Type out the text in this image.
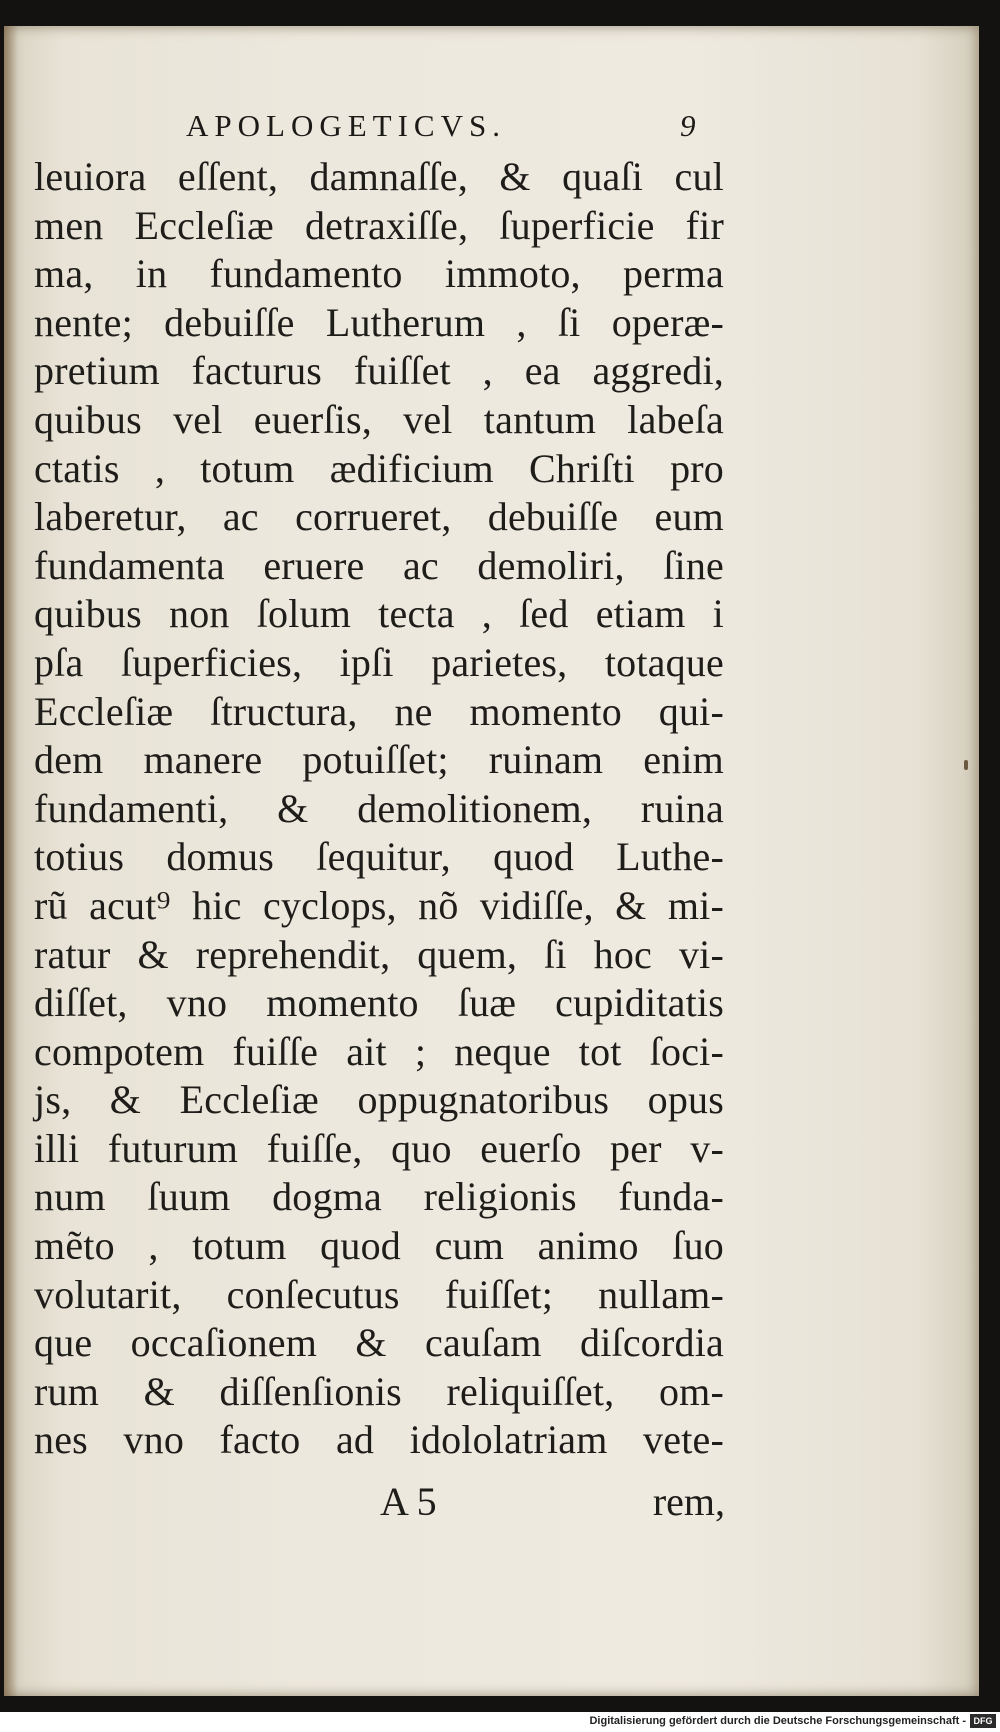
APOLOGETICVS.	9
leuiora eſſent, damnaſſe, & quaſi cul
men Eccleſiæ detraxiſſe, ſuperficie fir
ma, in fundamento immoto, perma
nente; debuiſſe Lutherum , ſi operæ-
pretium facturus fuiſſet , ea aggredi,
quibus vel euerſis, vel tantum labeſa
ctatis , totum ædificium Chriſti pro
laberetur, ac corrueret, debuiſſe eum
fundamenta eruere ac demoliri, ſine
quibus non ſolum tecta , ſed etiam i
pſa ſuperficies, ipſi parietes, totaque
Eccleſiæ ſtructura, ne momento qui-
dem manere potuiſſet; ruinam enim
fundamenti, & demolitionem, ruina
totius domus ſequitur, quod Luthe-
rũ acut⁹ hic cyclops, nõ vidiſſe, & mi-
ratur & reprehendit, quem, ſi hoc vi-
diſſet, vno momento ſuæ cupiditatis
compotem fuiſſe ait ; neque tot ſoci-
js, & Eccleſiæ oppugnatoribus opus
illi futurum fuiſſe, quo euerſo per v-
num ſuum dogma religionis funda-
mẽto , totum quod cum animo ſuo
volutarit, conſecutus fuiſſet; nullam-
que occaſionem & cauſam diſcordia
rum & diſſenſionis reliquiſſet, om-
nes vno facto ad idololatriam vete-
A 5	rem,
Digitalisierung gefördert durch die Deutsche Forschungsgemeinschaft - DFG
